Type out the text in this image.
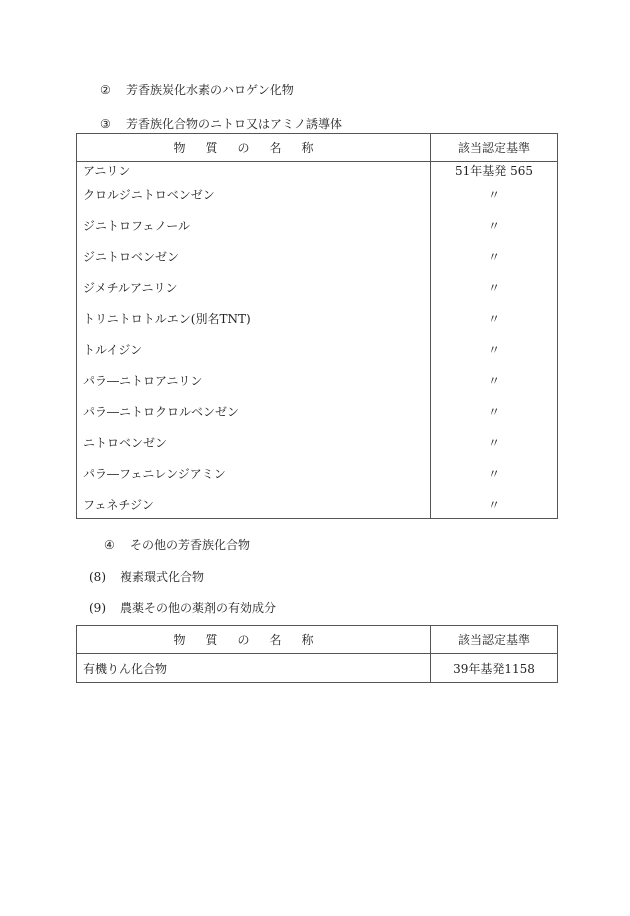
② 芳香族炭化水素のハロゲン化物
③ 芳香族化合物のニトロ又はアミノ誘導体
物質の名称	該当認定基準
アニリン	51年基発 565
クロルジニトロベンゼン	〃
ジニトロフェノール	〃
ジニトロベンゼン	〃
ジメチルアニリン	〃
トリニトロトルエン(別名TNT)	〃
トルイジン	〃
パラ―ニトロアニリン	〃
パラ―ニトロクロルベンゼン	〃
ニトロベンゼン	〃
パラ―フェニレンジアミン	〃
フェネチジン	〃
④ その他の芳香族化合物
(8) 複素環式化合物
(9) 農薬その他の薬剤の有効成分
物質の名称	該当認定基準
有機りん化合物	39年基発1158
